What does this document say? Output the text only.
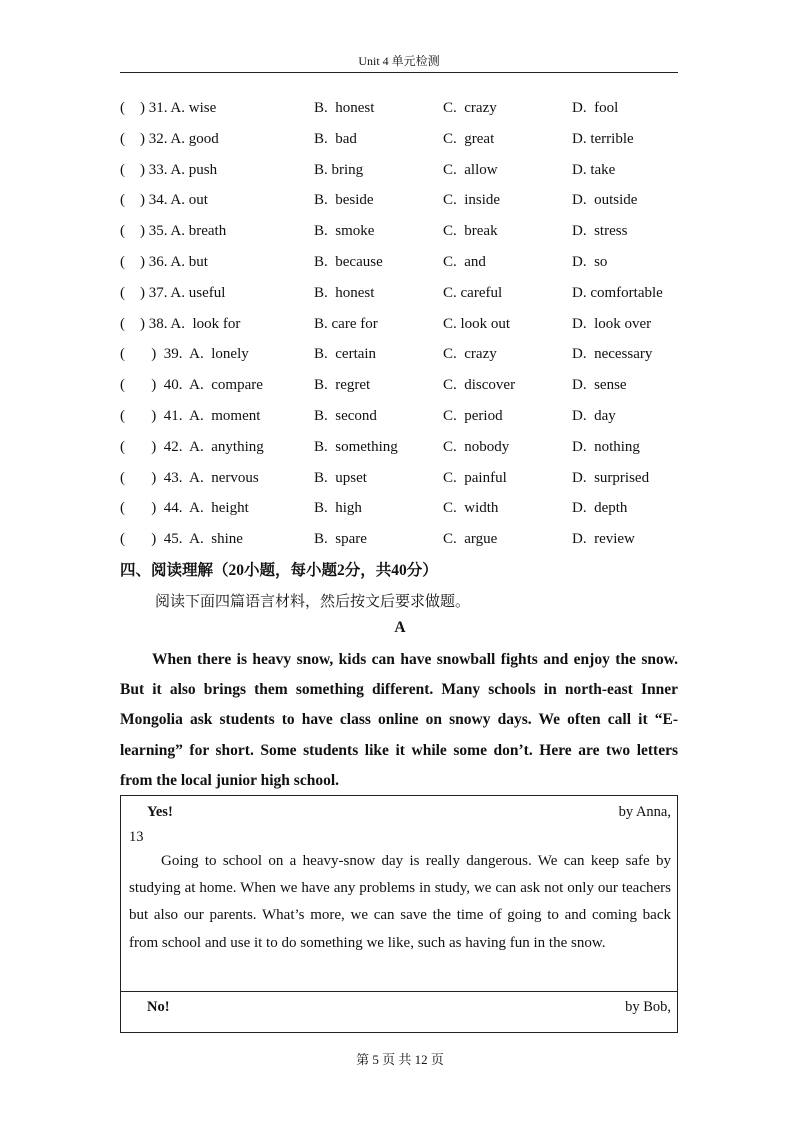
Unit 4 单元检测
(    ) 31. A. wise	B.  honest	C.  crazy	D.  fool
(    ) 32. A. good	B.  bad	C.  great	D. terrible
(    ) 33. A. push	B. bring	C.  allow	D. take
(    ) 34. A. out	B.  beside	C.  inside	D.  outside
(    ) 35. A. breath	B.  smoke	C.  break	D.  stress
(    ) 36. A. but	B.  because	C.  and	D.  so
(    ) 37. A. useful	B.  honest	C. careful	D. comfortable
(    ) 38. A.  look for	B. care for	C. look out	D.  look over
(       )  39.  A.  lonely	B.  certain	C.  crazy	D.  necessary
(       )  40.  A.  compare	B.  regret	C.  discover	D.  sense
(       )  41.  A.  moment	B.  second	C.  period	D.  day
(       )  42.  A.  anything	B.  something	C.  nobody	D.  nothing
(       )  43.  A.  nervous	B.  upset	C.  painful	D.  surprised
(       )  44.  A.  height	B.  high	C.  width	D.  depth
(       )  45.  A.  shine	B.  spare	C.  argue	D.  review
四、阅读理解（20小题，每小题2分，共40分）
阅读下面四篇语言材料，然后按文后要求做题。
A
When there is heavy snow, kids can have snowball fights and enjoy the snow. But it also brings them something different. Many schools in north-east Inner Mongolia ask students to have class online on snowy days. We often call it “E-learning” for short. Some students like it while some don’t. Here are two letters from the local junior high school.
Yes!	by Anna,
13
Going to school on a heavy-snow day is really dangerous. We can keep safe by studying at home. When we have any problems in study, we can ask not only our teachers but also our parents. What’s more, we can save the time of going to and coming back from school and use it to do something we like, such as having fun in the snow.
No!	by Bob,
第 5 页 共 12 页
